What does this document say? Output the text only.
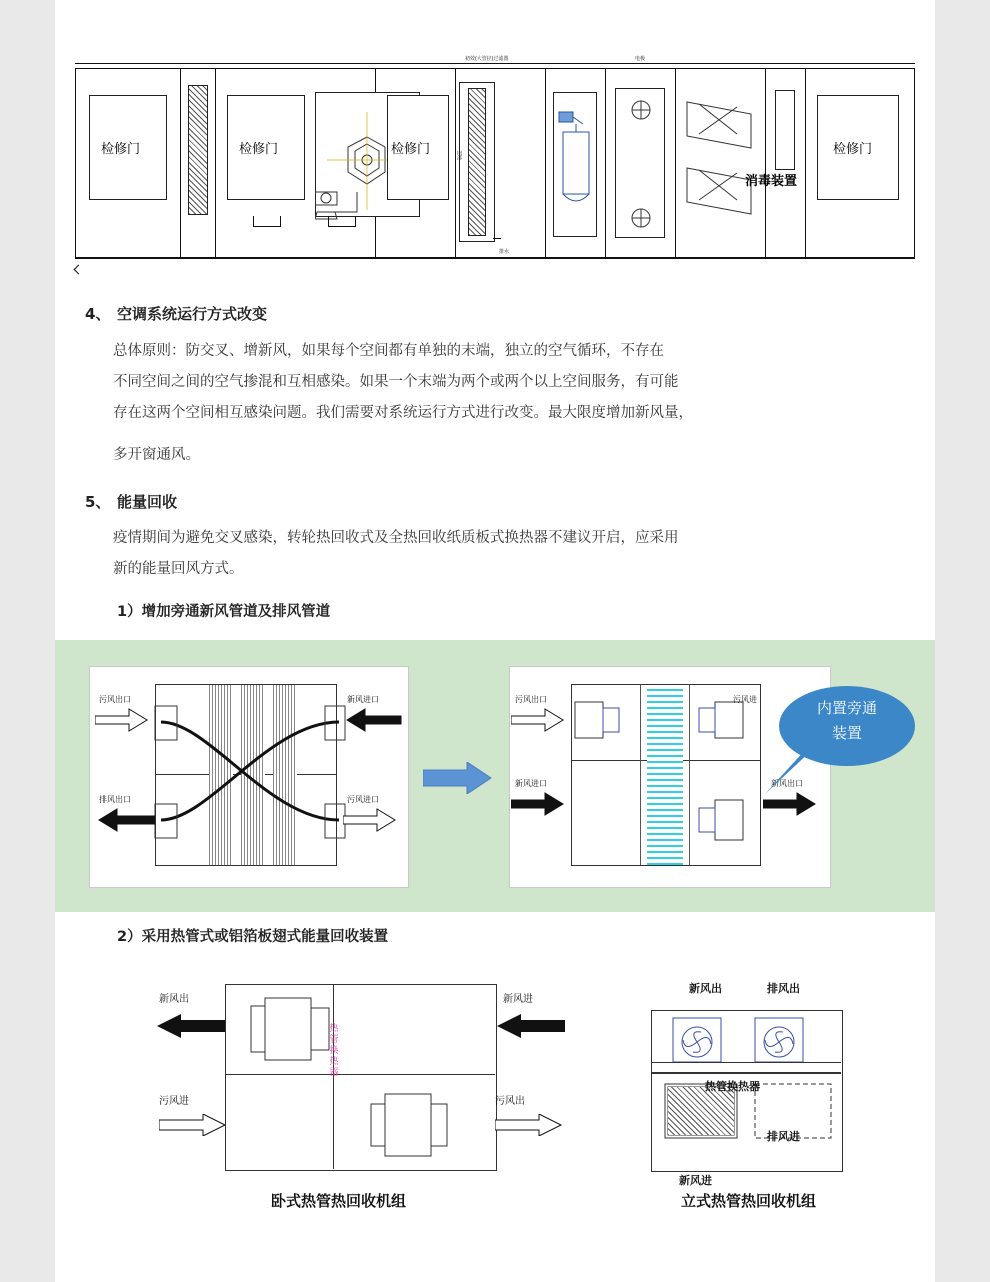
检修门	检修门	检修门
初效(大管径)过滤器
内部
排水
电极
消毒装置
检修门
4、 空调系统运行方式改变
总体原则：防交叉、增新风，如果每个空间都有单独的末端，独立的空气循环，不存在
不同空间之间的空气掺混和互相感染。如果一个末端为两个或两个以上空间服务，有可能
存在这两个空间相互感染问题。我们需要对系统运行方式进行改变。最大限度增加新风量，
多开窗通风。
5、 能量回收
疫情期间为避免交叉感染，转轮热回收式及全热回收纸质板式换热器不建议开启，应采用
新的能量回风方式。
1）增加旁通新风管道及排风管道
污风出口	新风进口
排风出口	污风进口
污风出口	污风进
新风进口	新风出口
内置旁通
装置
2）采用热管式或铝箔板翅式能量回收装置
热管换热器
新风出	新风进
污风进	污风出
卧式热管热回收机组
新风出	排风出
热管换热器
排风进
新风进
立式热管热回收机组
